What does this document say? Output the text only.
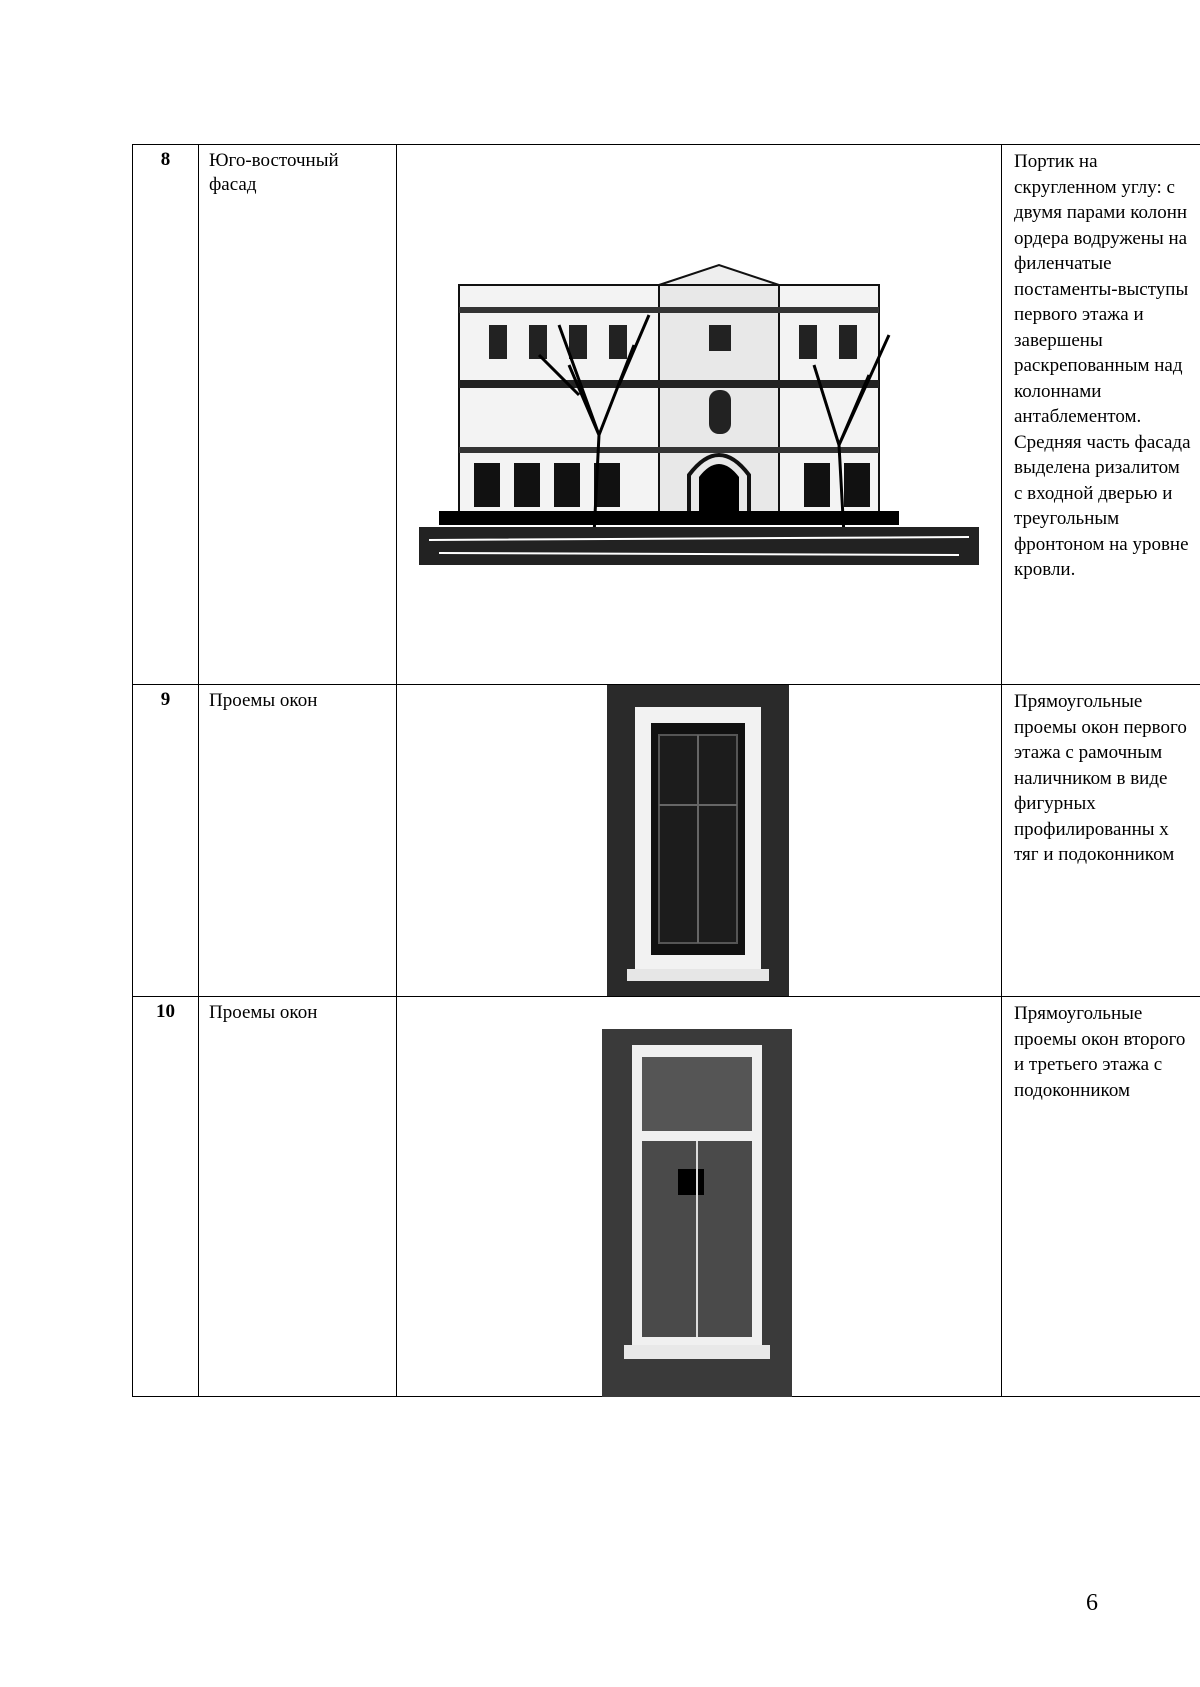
8	Юго-восточный фасад		Портик на скругленном углу: с двумя парами колонн ордера водружены на филенчатые постаменты-выступы первого этажа и завершены раскрепованным над колоннами антаблементом. Средняя часть фасада выделена ризалитом с входной дверью и треугольным фронтоном на уровне кровли.
9	Проемы окон		Прямоугольные проемы окон первого этажа с рамочным наличником в виде фигурных профилированны х тяг и подоконником
10	Проемы окон		Прямоугольные проемы окон второго и третьего этажа с подоконником
6
